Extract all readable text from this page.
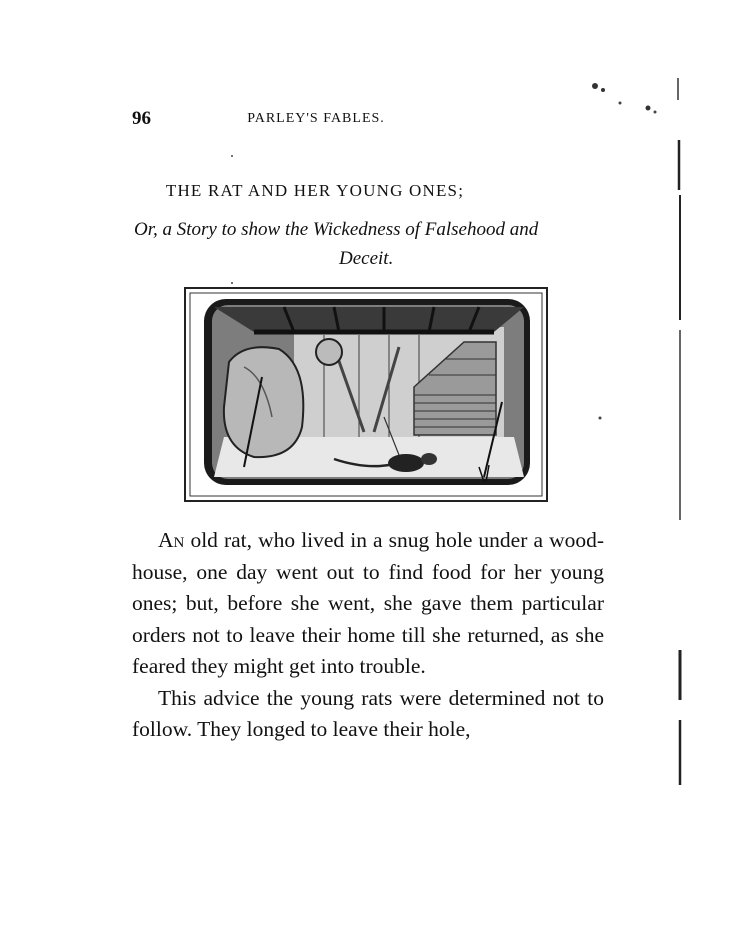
96	PARLEY'S FABLES.
THE RAT AND HER YOUNG ONES;
Or, a Story to show the Wickedness of Falsehood and
Deceit.

An old rat, who lived in a snug hole under a wood-house, one day went out to find food for her young ones; but, before she went, she gave them particular orders not to leave their home till she returned, as she feared they might get into trouble.

This advice the young rats were determined not to follow. They longed to leave their hole,
